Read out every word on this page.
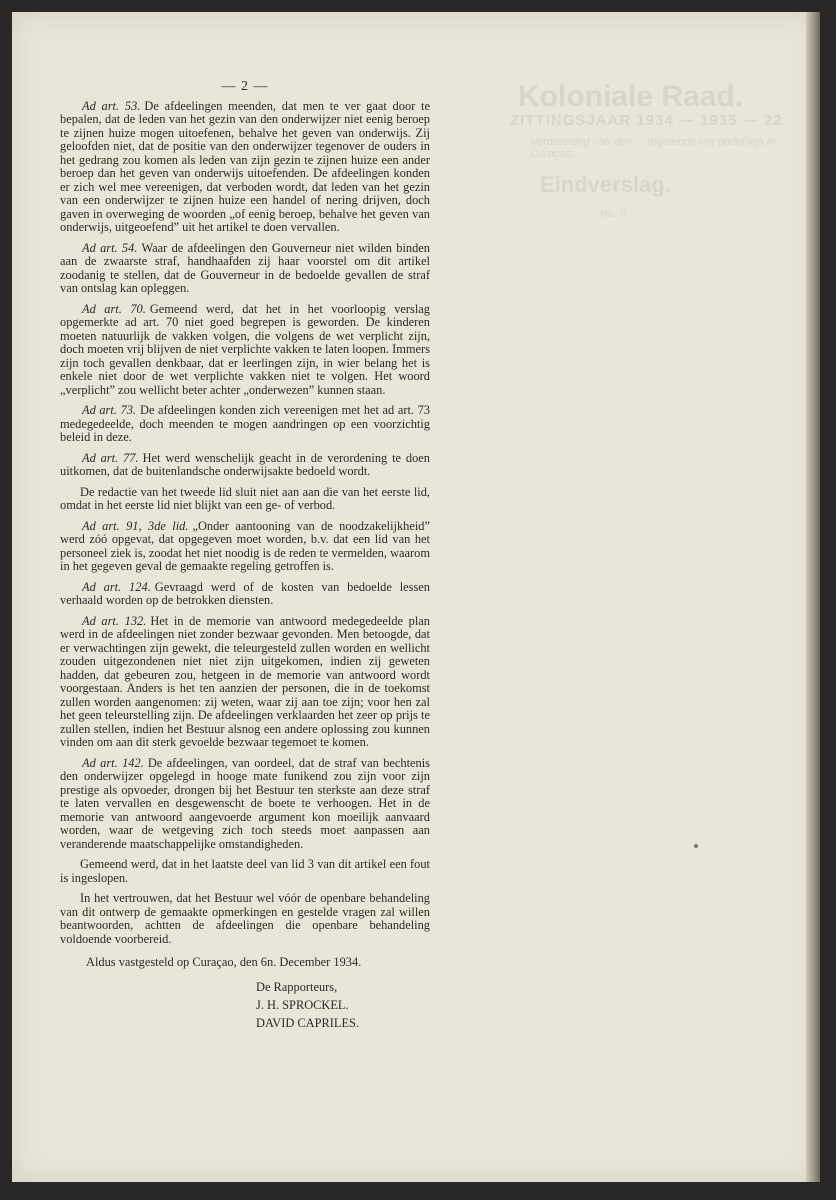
Koloniale Raad.
ZITTINGSJAAR 1934 — 1935 — 22
Verordening van den ... regelende het onderwijs in Curaçao.
Eindverslag.
No. 6.
— 2 —
Ad art. 53. De afdeelingen meenden, dat men te ver gaat door te bepalen, dat de leden van het gezin van den onderwijzer niet eenig beroep te zijnen huize mogen uitoefenen, behalve het geven van onderwijs. Zij geloofden niet, dat de positie van den onderwijzer tegenover de ouders in het gedrang zou komen als leden van zijn gezin te zijnen huize een ander beroep dan het geven van onderwijs uitoefenden. De afdeelingen konden er zich wel mee vereenigen, dat verboden wordt, dat leden van het gezin van een onderwijzer te zijnen huize een handel of nering drijven, doch gaven in overweging de woorden „of eenig beroep, behalve het geven van onderwijs, uitgeoefend” uit het artikel te doen vervallen.
Ad art. 54. Waar de afdeelingen den Gouverneur niet wilden binden aan de zwaarste straf, handhaafden zij haar voorstel om dit artikel zoodanig te stellen, dat de Gouverneur in de bedoelde gevallen de straf van ontslag kan opleggen.
Ad art. 70. Gemeend werd, dat het in het voorloopig verslag opgemerkte ad art. 70 niet goed begrepen is geworden. De kinderen moeten natuurlijk de vakken volgen, die volgens de wet verplicht zijn, doch moeten vrij blijven de niet verplichte vakken te laten loopen. Immers zijn toch gevallen denkbaar, dat er leerlingen zijn, in wier belang het is enkele niet door de wet verplichte vakken niet te volgen. Het woord „verplicht” zou wellicht beter achter „onderwezen” kunnen staan.
Ad art. 73. De afdeelingen konden zich vereenigen met het ad art. 73 medegedeelde, doch meenden te mogen aandringen op een voorzichtig beleid in deze.
Ad art. 77. Het werd wenschelijk geacht in de verordening te doen uitkomen, dat de buitenlandsche onderwijsakte bedoeld wordt.
De redactie van het tweede lid sluit niet aan aan die van het eerste lid, omdat in het eerste lid niet blijkt van een ge- of verbod.
Ad art. 91, 3de lid. „Onder aantooning van de noodzakelijkheid” werd zóó opgevat, dat opgegeven moet worden, b.v. dat een lid van het personeel ziek is, zoodat het niet noodig is de reden te vermelden, waarom in het gegeven geval de gemaakte regeling getroffen is.
Ad art. 124. Gevraagd werd of de kosten van bedoelde lessen verhaald worden op de betrokken diensten.
Ad art. 132. Het in de memorie van antwoord medegedeelde plan werd in de afdeelingen niet zonder bezwaar gevonden. Men betoogde, dat er verwachtingen zijn gewekt, die teleurgesteld zullen worden en wellicht zouden uitgezondenen niet niet zijn uitgekomen, indien zij geweten hadden, dat gebeuren zou, hetgeen in de memorie van antwoord wordt voorgestaan. Anders is het ten aanzien der personen, die in de toekomst zullen worden aangenomen: zij weten, waar zij aan toe zijn; voor hen zal het geen teleurstelling zijn. De afdeelingen verklaarden het zeer op prijs te zullen stellen, indien het Bestuur alsnog een andere oplossing zou kunnen vinden om aan dit sterk gevoelde bezwaar tegemoet te komen.
Ad art. 142. De afdeelingen, van oordeel, dat de straf van bechtenis den onderwijzer opgelegd in hooge mate funikend zou zijn voor zijn prestige als opvoeder, drongen bij het Bestuur ten sterkste aan deze straf te laten vervallen en desgewenscht de boete te verhoogen. Het in de memorie van antwoord aangevoerde argument kon moeilijk aanvaard worden, waar de wetgeving zich toch steeds moet aanpassen aan veranderende maatschappelijke omstandigheden.
Gemeend werd, dat in het laatste deel van lid 3 van dit artikel een fout is ingeslopen.
In het vertrouwen, dat het Bestuur wel vóór de openbare behandeling van dit ontwerp de gemaakte opmerkingen en gestelde vragen zal willen beantwoorden, achtten de afdeelingen die openbare behandeling voldoende voorbereid.
Aldus vastgesteld op Curaçao, den 6n. December 1934.
De Rapporteurs,
J. H. SPROCKEL.
DAVID CAPRILES.
